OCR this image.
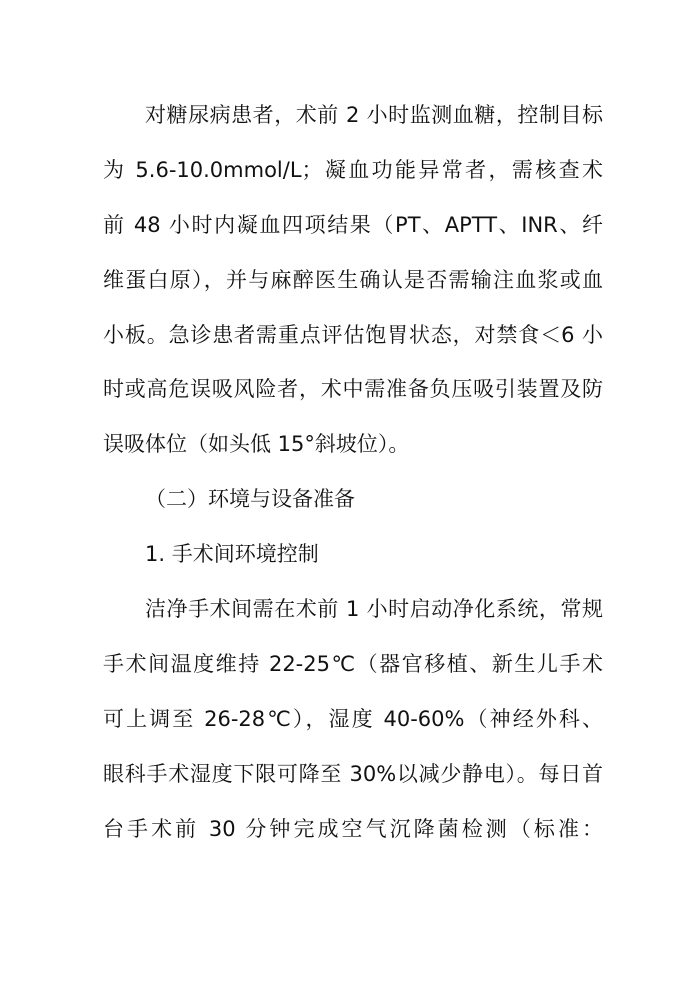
对糖尿病患者，术前 2 小时监测血糖，控制目标
为 5.6-10.0mmol/L；凝血功能异常者，需核查术
前 48 小时内凝血四项结果（PT、APTT、INR、纤
维蛋白原），并与麻醉医生确认是否需输注血浆或血
小板。急诊患者需重点评估饱胃状态，对禁食＜6 小
时或高危误吸风险者，术中需准备负压吸引装置及防
误吸体位（如头低 15°斜坡位）。
（二）环境与设备准备
1. 手术间环境控制
洁净手术间需在术前 1 小时启动净化系统，常规
手术间温度维持 22-25℃（器官移植、新生儿手术
可上调至 26-28℃），湿度 40-60%（神经外科、
眼科手术湿度下限可降至 30%以减少静电）。每日首
台手术前 30 分钟完成空气沉降菌检测（标准：
